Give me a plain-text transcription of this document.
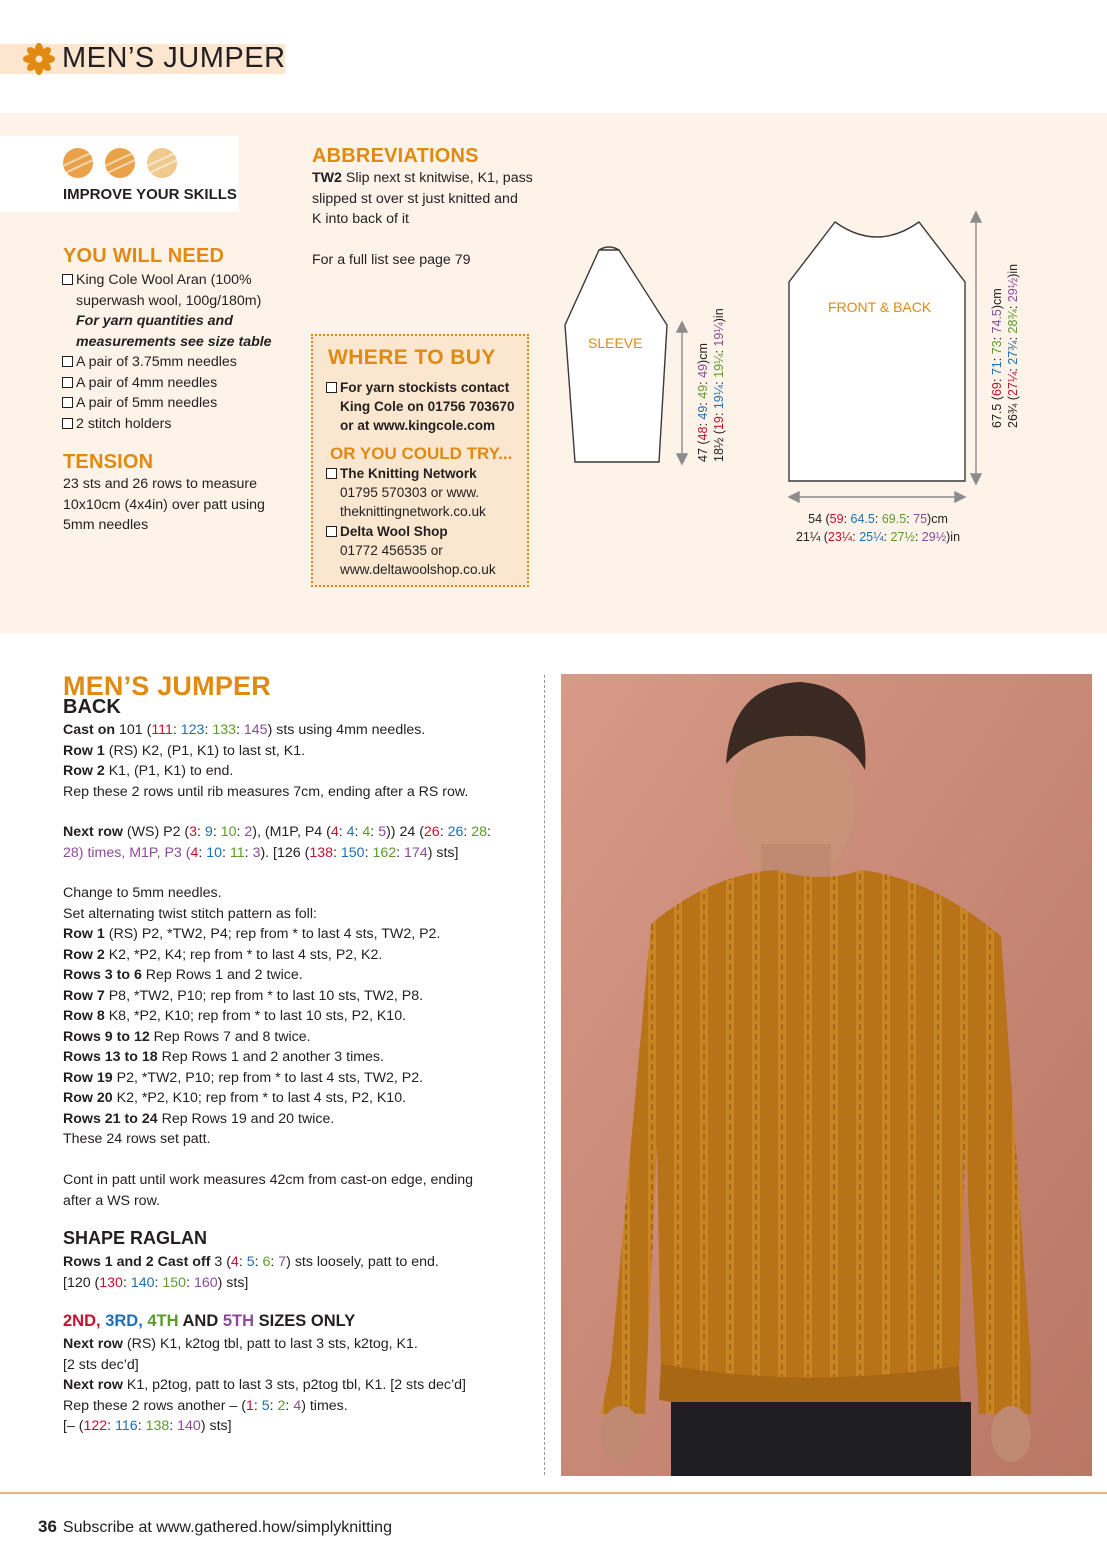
MEN’S JUMPER
IMPROVE YOUR SKILLS
YOU WILL NEED
King Cole Wool Aran (100%
superwash wool, 100g/180m)
For yarn quantities and
measurements see size table
A pair of 3.75mm needles
A pair of 4mm needles
A pair of 5mm needles
2 stitch holders
TENSION
23 sts and 26 rows to measure
10x10cm (4x4in) over patt using
5mm needles
ABBREVIATIONS
TW2 Slip next st knitwise, K1, pass
slipped st over st just knitted and
K into back of it
For a full list see page 79
WHERE TO BUY
For yarn stockists contact
King Cole on 01756 703670
or at www.kingcole.com
OR YOU COULD TRY...
The Knitting Network
01795 570303 or www.
theknittingnetwork.co.uk
Delta Wool Shop
01772 456535 or
www.deltawoolshop.co.uk
SLEEVE
47 (48: 49: 49: 49)cm
18½ (19: 19¼: 19¼: 19¼)in
FRONT & BACK
67.5 (69: 71: 73: 74.5)cm
26¾ (27¼: 27¾: 28¾: 29½)in
54 (59: 64.5: 69.5: 75)cm
21¼ (23¼: 25¼: 27½: 29½)in
MEN’S JUMPER
BACK
Cast on 101 (111: 123: 133: 145) sts using 4mm needles.
Row 1 (RS) K2, (P1, K1) to last st, K1.
Row 2 K1, (P1, K1) to end.
Rep these 2 rows until rib measures 7cm, ending after a RS row.
Next row (WS) P2 (3: 9: 10: 2), (M1P, P4 (4: 4: 4: 5)) 24 (26: 26: 28:
28) times, M1P, P3 (4: 10: 11: 3). [126 (138: 150: 162: 174) sts]
Change to 5mm needles.
Set alternating twist stitch pattern as foll:
Row 1 (RS) P2, *TW2, P4; rep from * to last 4 sts, TW2, P2.
Row 2 K2, *P2, K4; rep from * to last 4 sts, P2, K2.
Rows 3 to 6 Rep Rows 1 and 2 twice.
Row 7 P8, *TW2, P10; rep from * to last 10 sts, TW2, P8.
Row 8 K8, *P2, K10; rep from * to last 10 sts, P2, K10.
Rows 9 to 12 Rep Rows 7 and 8 twice.
Rows 13 to 18 Rep Rows 1 and 2 another 3 times.
Row 19 P2, *TW2, P10; rep from * to last 4 sts, TW2, P2.
Row 20 K2, *P2, K10; rep from * to last 4 sts, P2, K10.
Rows 21 to 24 Rep Rows 19 and 20 twice.
These 24 rows set patt.
Cont in patt until work measures 42cm from cast-on edge, ending
after a WS row.
SHAPE RAGLAN
Rows 1 and 2 Cast off 3 (4: 5: 6: 7) sts loosely, patt to end.
[120 (130: 140: 150: 160) sts]
2ND, 3RD, 4TH AND 5TH SIZES ONLY
Next row (RS) K1, k2tog tbl, patt to last 3 sts, k2tog, K1.
[2 sts dec’d]
Next row K1, p2tog, patt to last 3 sts, p2tog tbl, K1. [2 sts dec’d]
Rep these 2 rows another – (1: 5: 2: 4) times.
[– (122: 116: 138: 140) sts]
36 Subscribe at www.gathered.how/simplyknitting
